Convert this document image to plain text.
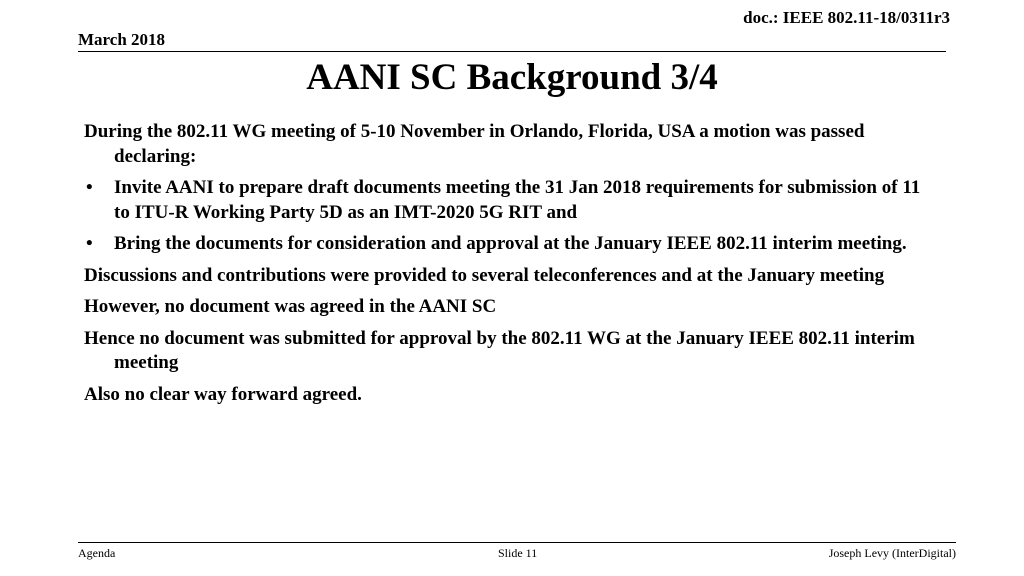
doc.: IEEE 802.11-18/0311r3
March 2018
AANI SC Background 3/4

During the 802.11 WG meeting of 5-10 November in Orlando, Florida, USA a motion was passed declaring:

• Invite AANI to prepare draft documents meeting the 31 Jan 2018 requirements for submission of 11 to ITU-R Working Party 5D as an IMT-2020 5G RIT and
• Bring the documents for consideration and approval at the January IEEE 802.11 interim meeting.

Discussions and contributions were provided to several teleconferences and at the January meeting

However, no document was agreed in the AANI SC

Hence no document was submitted for approval by the 802.11 WG at the January IEEE 802.11 interim meeting

Also no clear way forward agreed.

Agenda	Slide 11	Joseph Levy (InterDigital)
